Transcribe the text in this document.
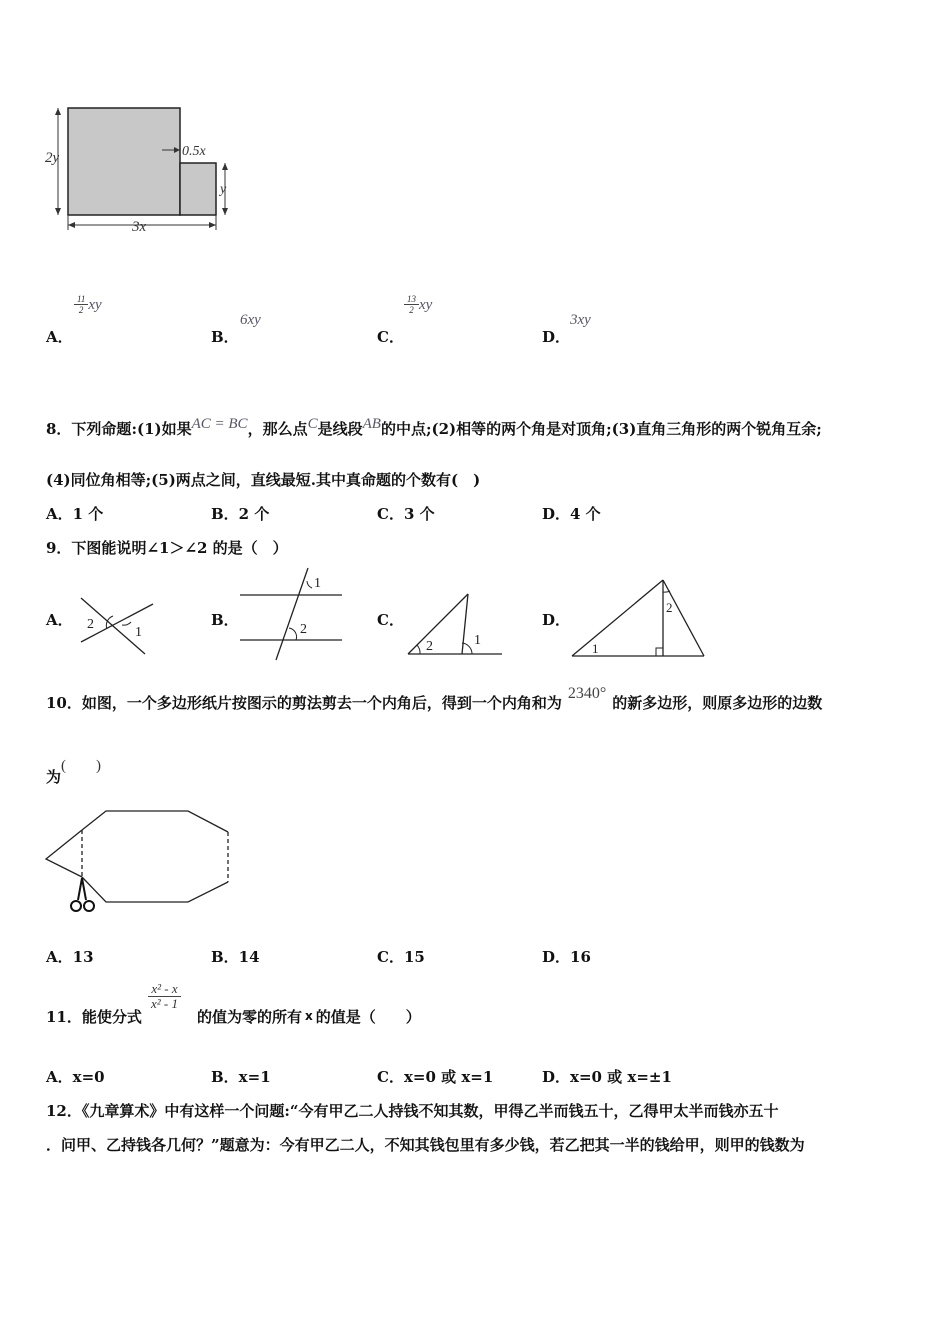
2y	0.5x
y
3x
A．
$\frac{11}{2}$ xy
B．
6xy
C．
$\frac{13}{2}$ xy
D．
3xy
8．下列命题:(1)如果AC = BC，那么点C是线段AB的中点;(2)相等的两个角是对顶角;(3)直角三角形的两个锐角互余;
(4)同位角相等;(5)两点之间，直线最短.其中真命题的个数有(　)
A．1 个	B．2 个	C．3 个	D．4 个
9．下图能说明∠1＞∠2 的是（　）
A． 2
1
B．
1
2
C．
2	1
D．
1
2
10．如图，一个多边形纸片按图示的剪法剪去一个内角后，得到一个内角和为2340°的新多边形，则原多边形的边数
为(　　)
A．13	B．14	C．15	D．16
11．能使分式
$\frac{\text{x² - x}}{\text{x² - 1}}$
的值为零的所有 x 的值是（　　）
A．x=0	B．x=1	C．x=0 或 x=1	D．x=0 或 x=±1
12．《九章算术》中有这样一个问题:“今有甲乙二人持钱不知其数，甲得乙半而钱五十，乙得甲太半而钱亦五十
．问甲、乙持钱各几何？”题意为：今有甲乙二人，不知其钱包里有多少钱，若乙把其一半的钱给甲，则甲的钱数为
